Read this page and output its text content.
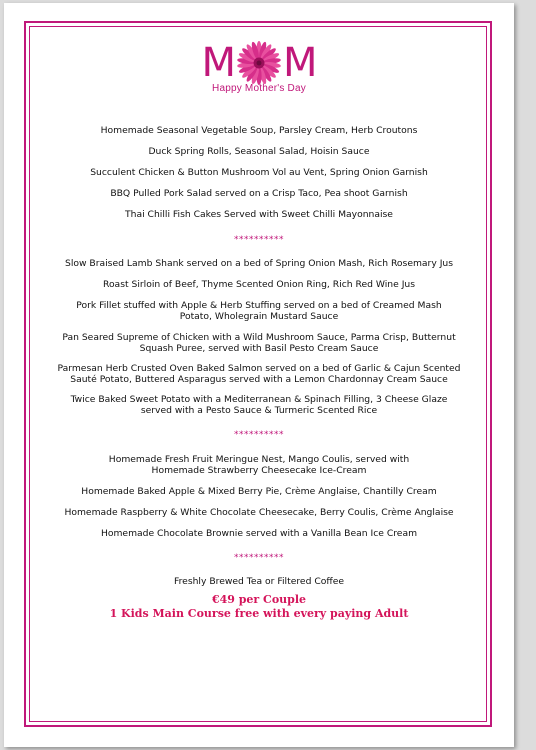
M M
Happy Mother's Day
Homemade Seasonal Vegetable Soup, Parsley Cream, Herb Croutons
Duck Spring Rolls, Seasonal Salad, Hoisin Sauce
Succulent Chicken & Button Mushroom Vol au Vent, Spring Onion Garnish
BBQ Pulled Pork Salad served on a Crisp Taco, Pea shoot Garnish
Thai Chilli Fish Cakes Served with Sweet Chilli Mayonnaise
**********
Slow Braised Lamb Shank served on a bed of Spring Onion Mash, Rich Rosemary Jus
Roast Sirloin of Beef, Thyme Scented Onion Ring, Rich Red Wine Jus
Pork Fillet stuffed with Apple & Herb Stuffing served on a bed of Creamed Mash Potato, Wholegrain Mustard Sauce
Pan Seared Supreme of Chicken with a Wild Mushroom Sauce, Parma Crisp, Butternut Squash Puree, served with Basil Pesto Cream Sauce
Parmesan Herb Crusted Oven Baked Salmon served on a bed of Garlic & Cajun Scented Sauté Potato, Buttered Asparagus served with a Lemon Chardonnay Cream Sauce
Twice Baked Sweet Potato with a Mediterranean & Spinach Filling, 3 Cheese Glaze served with a Pesto Sauce & Turmeric Scented Rice
**********
Homemade Fresh Fruit Meringue Nest, Mango Coulis, served with Homemade Strawberry Cheesecake Ice-Cream
Homemade Baked Apple & Mixed Berry Pie, Crème Anglaise, Chantilly Cream
Homemade Raspberry & White Chocolate Cheesecake, Berry Coulis, Crème Anglaise
Homemade Chocolate Brownie served with a Vanilla Bean Ice Cream
**********
Freshly Brewed Tea or Filtered Coffee
€49 per Couple
1 Kids Main Course free with every paying Adult
